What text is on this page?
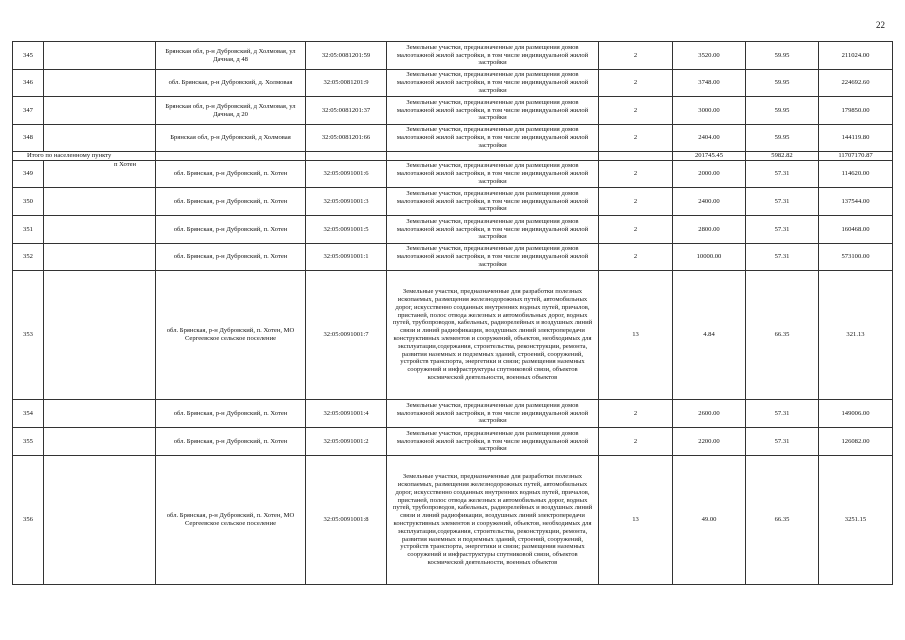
22
345		Брянская обл, р-н Дубровский, д Холмовая, ул Дачная, д 48	32:05:0081201:59	Земельные участки, предназначенные для размещения домов малоэтажной жилой застройки, в том числе индивидуальной жилой застройки	2	3520.00	59.95	211024.00
346		обл. Брянская, р-н Дубровский, д. Холмовая	32:05:0081201:9	Земельные участки, предназначенные для размещения домов малоэтажной жилой застройки, в том числе индивидуальной жилой застройки	2	3748.00	59.95	224692.60
347		Брянская обл, р-н Дубровский, д Холмовая, ул Дачная, д 20	32:05:0081201:37	Земельные участки, предназначенные для размещения домов малоэтажной жилой застройки, в том числе индивидуальной жилой застройки	2	3000.00	59.95	179850.00
348		Брянская обл, р-н Дубровский, д Холмовая	32:05:0081201:66	Земельные участки, предназначенные для размещения домов малоэтажной жилой застройки, в том числе индивидуальной жилой застройки	2	2404.00	59.95	144119.80
Итого по населенному пункту						201745.45	5982.82	11707170.87
349	п Хотен	обл. Брянская, р-н Дубровский, п. Хотен	32:05:0091001:6	Земельные участки, предназначенные для размещения домов малоэтажной жилой застройки, в том числе индивидуальной жилой застройки	2	2000.00	57.31	114620.00
350		обл. Брянская, р-н Дубровский, п. Хотен	32:05:0091001:3	Земельные участки, предназначенные для размещения домов малоэтажной жилой застройки, в том числе индивидуальной жилой застройки	2	2400.00	57.31	137544.00
351		обл. Брянская, р-н Дубровский, п. Хотен	32:05:0091001:5	Земельные участки, предназначенные для размещения домов малоэтажной жилой застройки, в том числе индивидуальной жилой застройки	2	2800.00	57.31	160468.00
352		обл. Брянская, р-н Дубровский, п. Хотен	32:05:0091001:1	Земельные участки, предназначенные для размещения домов малоэтажной жилой застройки, в том числе индивидуальной жилой застройки	2	10000.00	57.31	573100.00
353		обл. Брянская, р-н Дубровский, п. Хотен, МО Сергеевское сельское поселение	32:05:0091001:7	Земельные участки, предназначенные для разработки полезных ископаемых, размещения железнодорожных путей, автомобильных дорог, искусственно созданных внутренних водных путей, причалов, пристаней, полос отвода железных и автомобильных дорог, водных путей, трубопроводов, кабельных, радиорелейных и воздушных линий связи и линий радиофикации, воздушных линий электропередачи конструктивных элементов и сооружений, объектов, необходимых для эксплуатации,содержания, строительства, реконструкции, ремонта, развития наземных и подземных зданий, строений, сооружений, устройств транспорта, энергетики и связи; размещения наземных сооружений и инфраструктуры спутниковой связи, объектов космической деятельности, военных объектов	13	4.84	66.35	321.13
354		обл. Брянская, р-н Дубровский, п. Хотен	32:05:0091001:4	Земельные участки, предназначенные для размещения домов малоэтажной жилой застройки, в том числе индивидуальной жилой застройки	2	2600.00	57.31	149006.00
355		обл. Брянская, р-н Дубровский, п. Хотен	32:05:0091001:2	Земельные участки, предназначенные для размещения домов малоэтажной жилой застройки, в том числе индивидуальной жилой застройки	2	2200.00	57.31	126082.00
356		обл. Брянская, р-н Дубровский, п. Хотен, МО Сергеевское сельское поселение	32:05:0091001:8	Земельные участки, предназначенные для разработки полезных ископаемых, размещения железнодорожных путей, автомобильных дорог, искусственно созданных внутренних водных путей, причалов, пристаней, полос отвода железных и автомобильных дорог, водных путей, трубопроводов, кабельных, радиорелейных и воздушных линий связи и линий радиофикации, воздушных линий электропередачи конструктивных элементов и сооружений, объектов, необходимых для эксплуатации,содержания, строительства, реконструкции, ремонта, развития наземных и подземных зданий, строений, сооружений, устройств транспорта, энергетики и связи; размещения наземных сооружений и инфраструктуры спутниковой связи, объектов космической деятельности, военных объектов	13	49.00	66.35	3251.15
